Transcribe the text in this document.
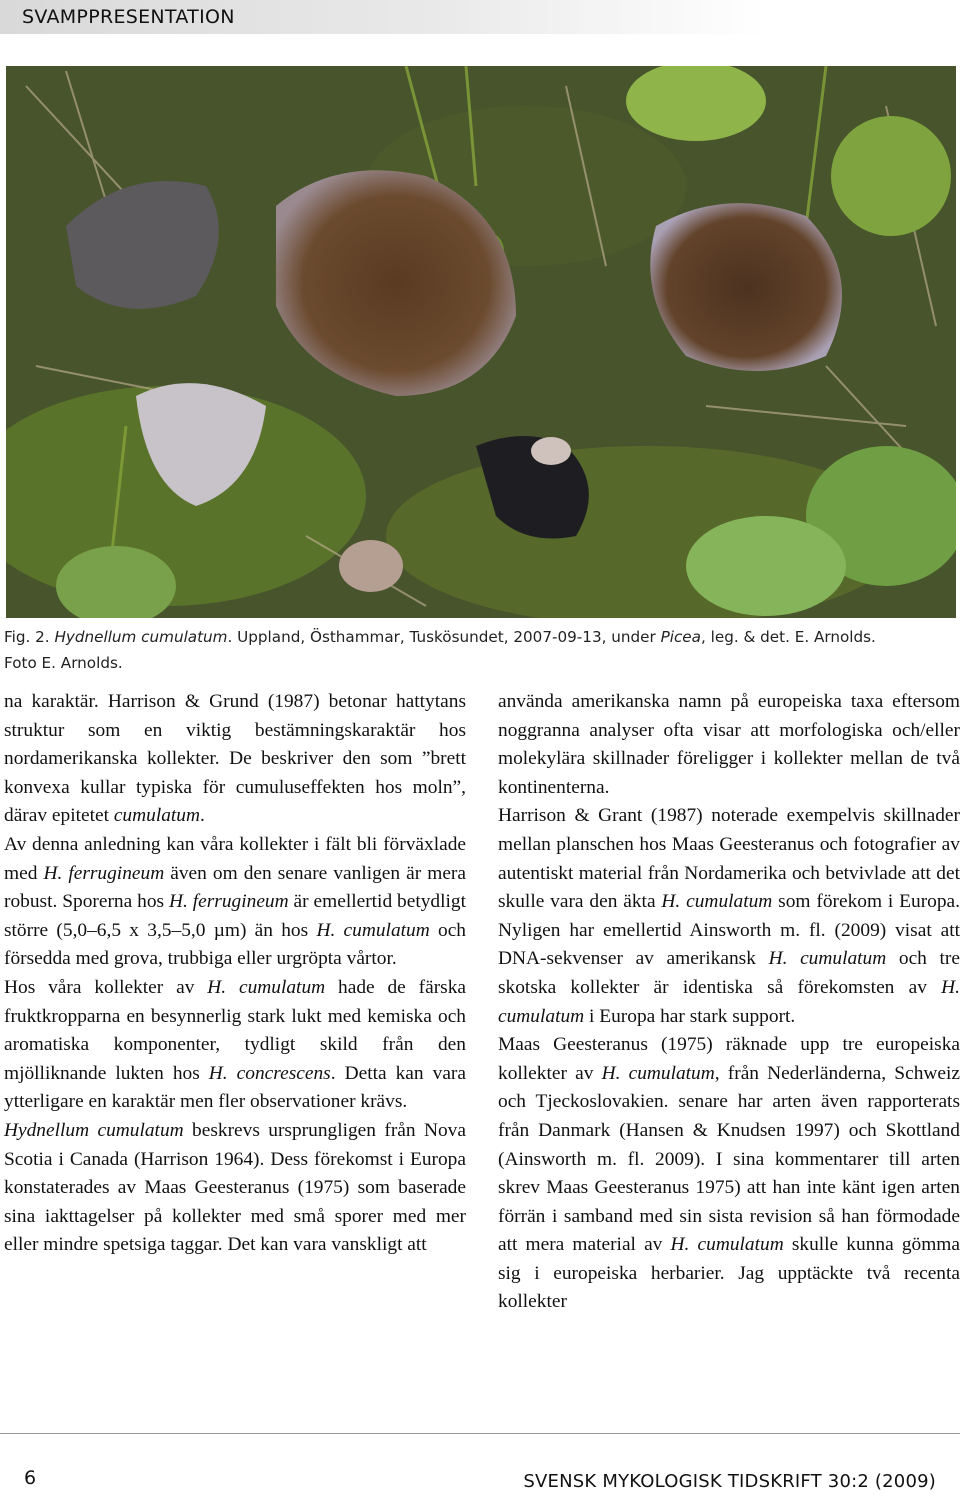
SVAMPPRESENTATION
Fig. 2. Hydnellum cumulatum. Uppland, Östhammar, Tuskösundet, 2007-09-13, under Picea, leg. & det. E. Arnolds.
Foto E. Arnolds.

na karaktär. Harrison & Grund (1987) betonar hattytans struktur som en viktig bestämningskaraktär hos nordamerikanska kollekter. De beskriver den som ”brett konvexa kullar typiska för cumuluseffekten hos moln”, därav epitetet cumulatum.

Av denna anledning kan våra kollekter i fält bli förväxlade med H. ferrugineum även om den senare vanligen är mera robust. Sporerna hos H. ferrugineum är emellertid betydligt större (5,0–6,5 x 3,5–5,0 µm) än hos H. cumulatum och försedda med grova, trubbiga eller urgröpta vårtor.

Hos våra kollekter av H. cumulatum hade de färska fruktkropparna en besynnerlig stark lukt med kemiska och aromatiska komponenter, tydligt skild från den mjölliknande lukten hos H. concrescens. Detta kan vara ytterligare en karaktär men fler observationer krävs.

Hydnellum cumulatum beskrevs ursprungligen från Nova Scotia i Canada (Harrison 1964). Dess förekomst i Europa konstaterades av Maas Geesteranus (1975) som baserade sina iakttagelser på kollekter med små sporer med mer eller mindre spetsiga taggar. Det kan vara vanskligt att

använda amerikanska namn på europeiska taxa eftersom noggranna analyser ofta visar att morfologiska och/eller molekylära skillnader föreligger i kollekter mellan de två kontinenterna.

Harrison & Grant (1987) noterade exempelvis skillnader mellan planschen hos Maas Geesteranus och fotografier av autentiskt material från Nordamerika och betvivlade att det skulle vara den äkta H. cumulatum som förekom i Europa. Nyligen har emellertid Ainsworth m. fl. (2009) visat att DNA-sekvenser av amerikansk H. cumulatum och tre skotska kollekter är identiska så förekomsten av H. cumulatum i Europa har stark support.

Maas Geesteranus (1975) räknade upp tre europeiska kollekter av H. cumulatum, från Nederländerna, Schweiz och Tjeckoslovakien. senare har arten även rapporterats från Danmark (Hansen & Knudsen 1997) och Skottland (Ainsworth m. fl. 2009). I sina kommentarer till arten skrev Maas Geesteranus 1975) att han inte känt igen arten förrän i samband med sin sista revision så han förmodade att mera material av H. cumulatum skulle kunna gömma sig i europeiska herbarier. Jag upptäckte två recenta kollekter

6	SVENSK MYKOLOGISK TIDSKRIFT 30:2 (2009)
